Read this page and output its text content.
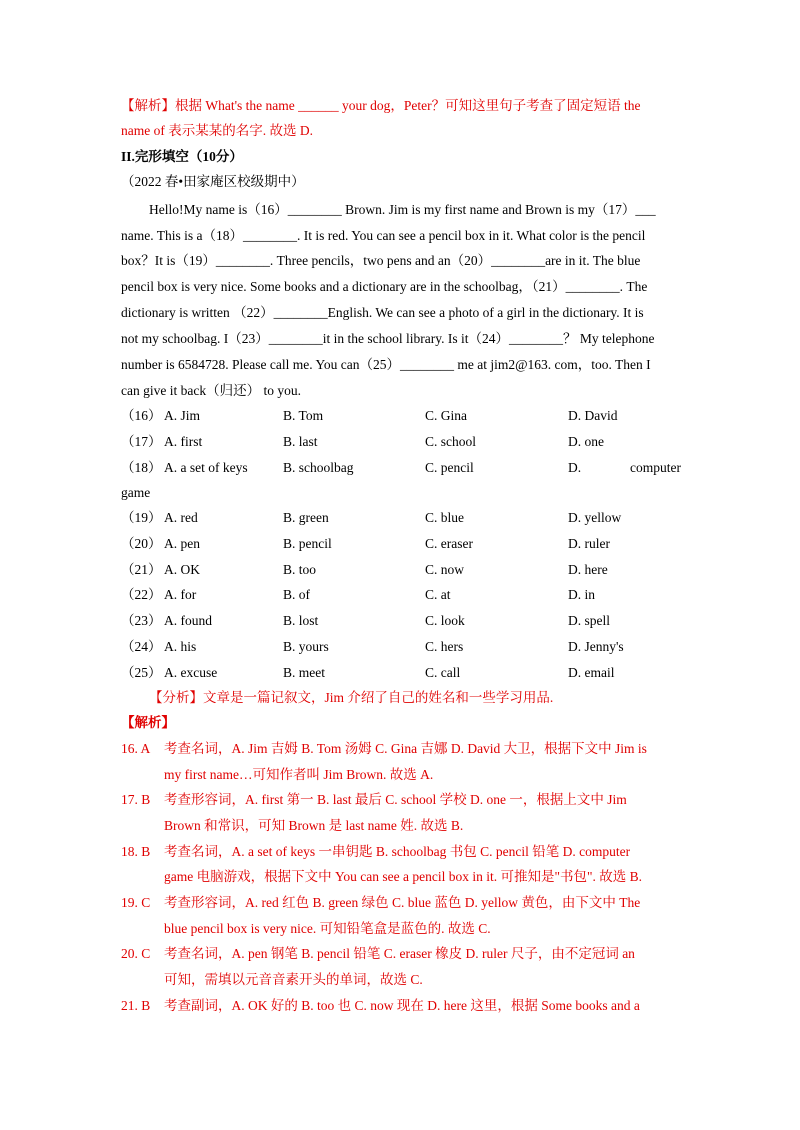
【解析】根据 What's the name ______ your dog，Peter？可知这里句子考查了固定短语 the
name of 表示某某的名字. 故选 D.
II.完形填空（10分）
（2022 春•田家庵区校级期中）
Hello!My name is（16）________ Brown. Jim is my first name and Brown is my（17）___
name. This is a（18）________. It is red. You can see a pencil box in it. What color is the pencil
box？It is（19）________. Three pencils，two pens and an（20）________are in it. The blue
pencil box is very nice. Some books and a dictionary are in the schoolbag，（21）________. The
dictionary is written （22）________English. We can see a photo of a girl in the dictionary. It is
not my schoolbag. I（23）________it in the school library. Is it（24）________？ My telephone
number is 6584728. Please call me. You can（25）________ me at jim2@163. com，too. Then I
can give it back（归还） to you.
（16） A. Jim	B. Tom	C. Gina	D. David
（17） A. first	B. last	C. school	D. one
（18） A. a set of keys	B. schoolbag	C. pencil	D.	computer
game
（19） A. red	B. green	C. blue	D. yellow
（20） A. pen	B. pencil	C. eraser	D. ruler
（21） A. OK	B. too	C. now	D. here
（22） A. for	B. of	C. at	D. in
（23） A. found	B. lost	C. look	D. spell
（24） A. his	B. yours	C. hers	D. Jenny's
（25） A. excuse	B. meet	C. call	D. email
【分析】文章是一篇记叙文，Jim 介绍了自己的姓名和一些学习用品.
【解析】
16. A 考查名词，A. Jim 吉姆 B. Tom 汤姆 C. Gina 吉娜 D. David 大卫，根据下文中 Jim is
my first name…可知作者叫 Jim Brown. 故选 A.
17. B 考查形容词，A. first 第一 B. last 最后 C. school 学校 D. one 一，根据上文中 Jim
Brown 和常识，可知 Brown 是 last name 姓. 故选 B.
18. B 考查名词，A. a set of keys 一串钥匙 B. schoolbag 书包 C. pencil 铅笔 D. computer
game 电脑游戏，根据下文中 You can see a pencil box in it. 可推知是"书包". 故选 B.
19. C 考查形容词，A. red 红色 B. green 绿色 C. blue 蓝色 D. yellow 黄色，由下文中 The
blue pencil box is very nice. 可知铅笔盒是蓝色的. 故选 C.
20. C 考查名词，A. pen 钢笔 B. pencil 铅笔 C. eraser 橡皮 D. ruler 尺子，由不定冠词 an
可知，需填以元音音素开头的单词，故选 C.
21. B 考查副词，A. OK 好的 B. too 也 C. now 现在 D. here 这里，根据 Some books and a
